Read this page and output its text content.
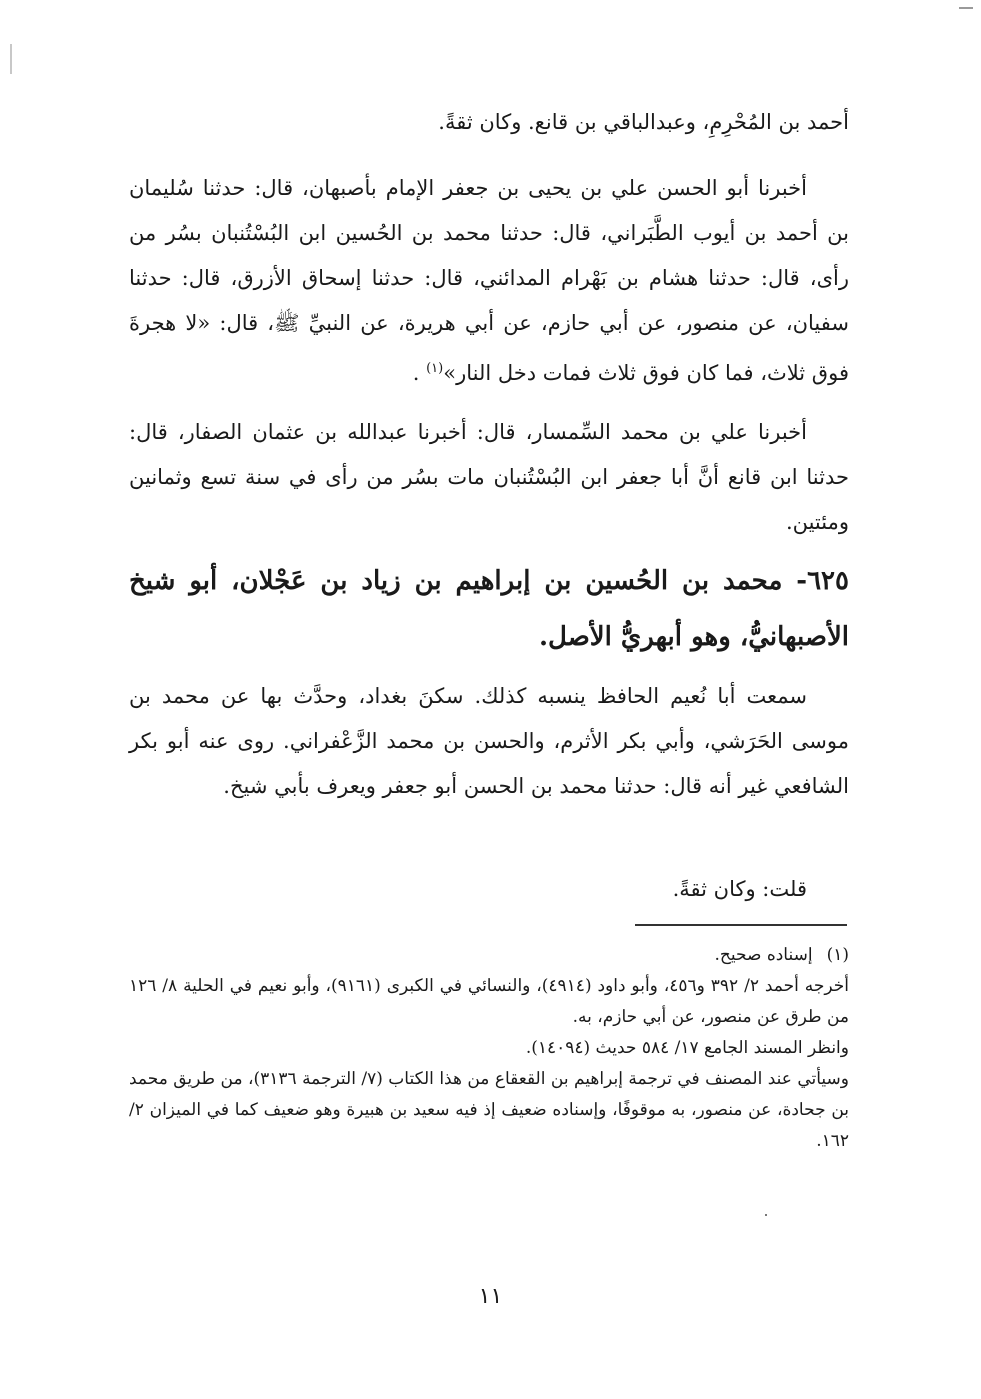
أحمد بن المُحْرِمِ، وعبدالباقي بن قانع. وكان ثقةً.

أخبرنا أبو الحسن علي بن يحيى بن جعفر الإمام بأصبهان، قال: حدثنا سُليمان بن أحمد بن أيوب الطَّبَراني، قال: حدثنا محمد بن الحُسين ابن البُسْتُنبان بسُر من رأى، قال: حدثنا هشام بن بَهْرام المدائني، قال: حدثنا إسحاق الأزرق، قال: حدثنا سفيان، عن منصور، عن أبي حازم، عن أبي هريرة، عن النبيِّ ﷺ، قال: «لا هجرةَ فوق ثلاث، فما كان فوق ثلاث فمات دخل النار»$^{(١)}$ .

أخبرنا علي بن محمد السِّمسار، قال: أخبرنا عبدالله بن عثمان الصفار، قال: حدثنا ابن قانع أنَّ أبا جعفر ابن البُسْتُنبان مات بسُر من رأى في سنة تسع وثمانين ومئتين.

٦٢٥- محمد بن الحُسين بن إبراهيم بن زياد بن عَجْلان، أبو شيخ الأصبهانيُّ، وهو أبهريُّ الأصل.

سمعت أبا نُعيم الحافظ ينسبه كذلك. سكنَ بغداد، وحدَّث بها عن محمد بن موسى الحَرَشي، وأبي بكر الأثرم، والحسن بن محمد الزَّعْفراني. روى عنه أبو بكر الشافعي غير أنه قال: حدثنا محمد بن الحسن أبو جعفر ويعرف بأبي شيخ.

قلت: وكان ثقةً.

(١)إسناده صحيح.

أخرجه أحمد ٢/ ٣٩٢ و٤٥٦، وأبو داود (٤٩١٤)، والنسائي في الكبرى (٩١٦١)، وأبو نعيم في الحلية ٨/ ١٢٦ من طرق عن منصور، عن أبي حازم، به.

وانظر المسند الجامع ١٧/ ٥٨٤ حديث (١٤٠٩٤).

وسيأتي عند المصنف في ترجمة إبراهيم بن القعقاع من هذا الكتاب (٧/ الترجمة ٣١٣٦)، من طريق محمد بن جحادة، عن منصور، به موقوفًا، وإسناده ضعيف إذ فيه سعيد بن هبيرة وهو ضعيف كما في الميزان ٢/ ١٦٢.

١١
